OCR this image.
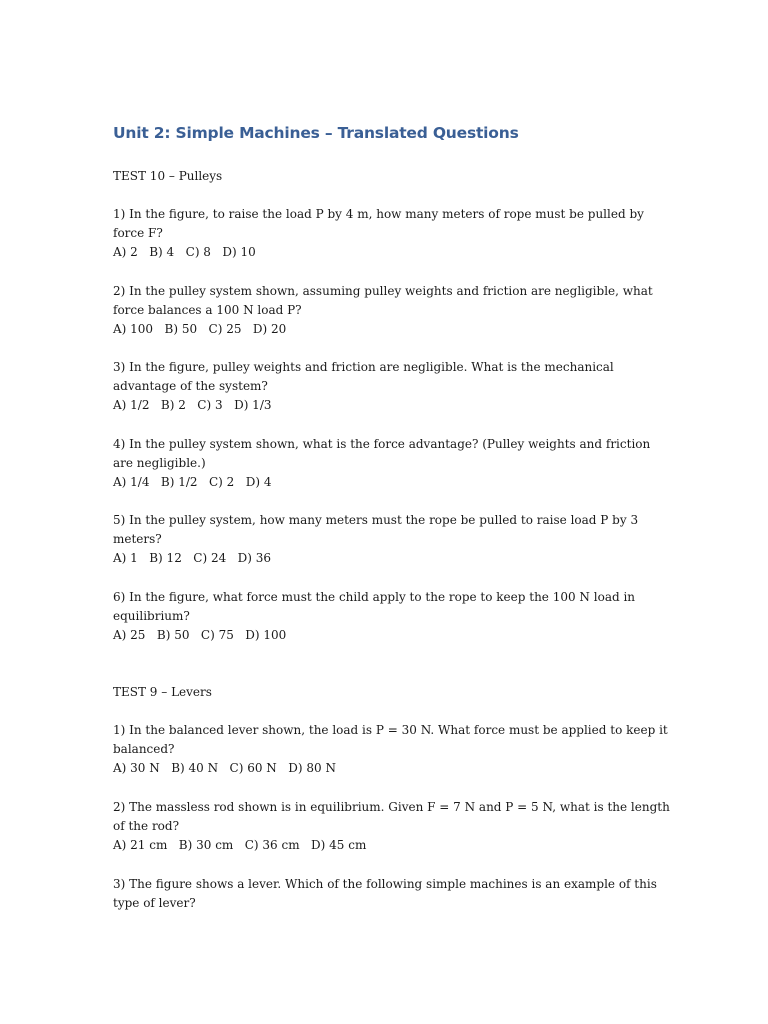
Unit 2: Simple Machines – Translated Questions

TEST 10 – Pulleys

1) In the figure, to raise the load P by 4 m, how many meters of rope must be pulled by force F?
A) 2   B) 4   C) 8   D) 10
2) In the pulley system shown, assuming pulley weights and friction are negligible, what force balances a 100 N load P?
A) 100   B) 50   C) 25   D) 20
3) In the figure, pulley weights and friction are negligible. What is the mechanical advantage of the system?
A) 1/2   B) 2   C) 3   D) 1/3
4) In the pulley system shown, what is the force advantage? (Pulley weights and friction are negligible.)
A) 1/4   B) 1/2   C) 2   D) 4
5) In the pulley system, how many meters must the rope be pulled to raise load P by 3 meters?
A) 1   B) 12   C) 24   D) 36
6) In the figure, what force must the child apply to the rope to keep the 100 N load in equilibrium?
A) 25   B) 50   C) 75   D) 100

TEST 9 – Levers

1) In the balanced lever shown, the load is P = 30 N. What force must be applied to keep it balanced?
A) 30 N   B) 40 N   C) 60 N   D) 80 N
2) The massless rod shown is in equilibrium. Given F = 7 N and P = 5 N, what is the length of the rod?
A) 21 cm   B) 30 cm   C) 36 cm   D) 45 cm
3) The figure shows a lever. Which of the following simple machines is an example of this type of lever?
